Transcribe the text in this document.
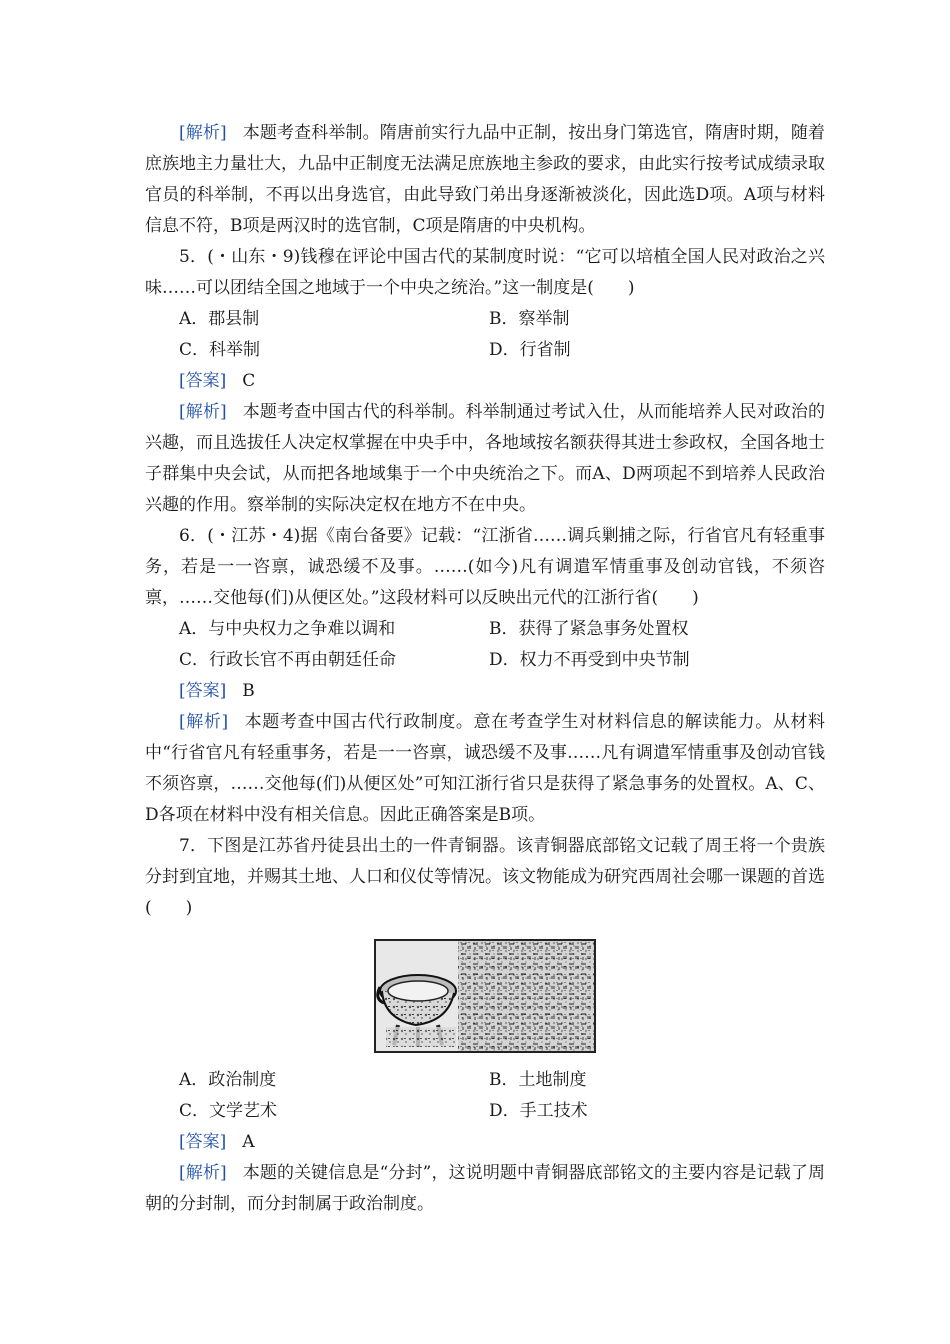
[解析] 本题考查科举制。隋唐前实行九品中正制，按出身门第选官，隋唐时期，随着庶族地主力量壮大，九品中正制度无法满足庶族地主参政的要求，由此实行按考试成绩录取官员的科举制，不再以出身选官，由此导致门弟出身逐渐被淡化，因此选D项。A项与材料信息不符，B项是两汉时的选官制，C项是隋唐的中央机构。

5．(・山东・9)钱穆在评论中国古代的某制度时说：“它可以培植全国人民对政治之兴味……可以团结全国之地域于一个中央之统治。”这一制度是(　　)

A．郡县制	B．察举制
C．科举制	D．行省制

[答案] C

[解析] 本题考查中国古代的科举制。科举制通过考试入仕，从而能培养人民对政治的兴趣，而且选拔任人决定权掌握在中央手中，各地域按名额获得其进士参政权，全国各地士子群集中央会试，从而把各地域集于一个中央统治之下。而A、D两项起不到培养人民政治兴趣的作用。察举制的实际决定权在地方不在中央。

6．(・江苏・4)据《南台备要》记载：“江浙省……调兵剿捕之际，行省官凡有轻重事务，若是一一咨禀，诚恐缓不及事。……(如今)凡有调遣军情重事及创动官钱，不须咨禀，……交他每(们)从便区处。”这段材料可以反映出元代的江浙行省(　　)

A．与中央权力之争难以调和	B．获得了紧急事务处置权
C．行政长官不再由朝廷任命	D．权力不再受到中央节制

[答案] B

[解析] 本题考查中国古代行政制度。意在考查学生对材料信息的解读能力。从材料中“行省官凡有轻重事务，若是一一咨禀，诚恐缓不及事……凡有调遣军情重事及创动官钱不须咨禀，……交他每(们)从便区处”可知江浙行省只是获得了紧急事务的处置权。A、C、D各项在材料中没有相关信息。因此正确答案是B项。

7．下图是江苏省丹徒县出土的一件青铜器。该青铜器底部铭文记载了周王将一个贵族分封到宜地，并赐其土地、人口和仪仗等情况。该文物能成为研究西周社会哪一课题的首选(　　)

A．政治制度	B．土地制度
C．文学艺术	D．手工技术

[答案] A

[解析] 本题的关键信息是“分封”，这说明题中青铜器底部铭文的主要内容是记载了周朝的分封制，而分封制属于政治制度。
